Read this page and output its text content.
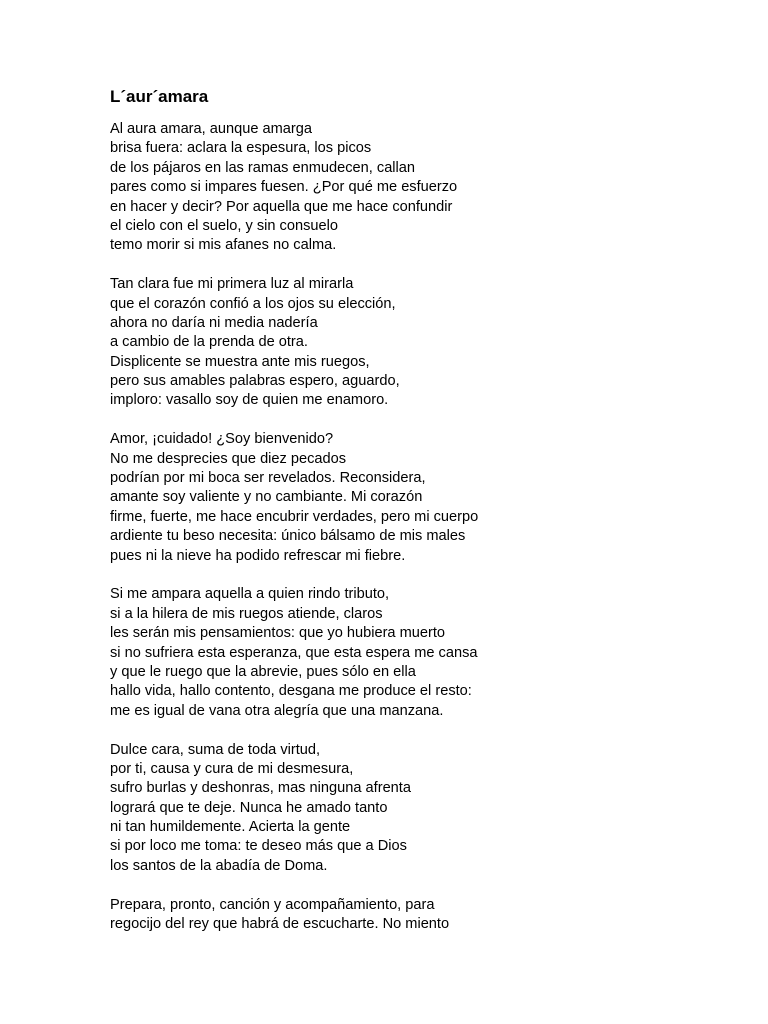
L´aur´amara
Al aura amara, aunque amarga
brisa fuera: aclara la espesura, los picos
de los pájaros en las ramas enmudecen, callan
pares como si impares fuesen. ¿Por qué me esfuerzo
en hacer y decir? Por aquella que me hace confundir
el cielo con el suelo, y sin consuelo
temo morir si mis afanes no calma.
Tan clara fue mi primera luz al mirarla
que el corazón confió a los ojos su elección,
ahora no daría ni media nadería
a cambio de la prenda de otra.
Displicente se muestra ante mis ruegos,
pero sus amables palabras espero, aguardo,
imploro: vasallo soy de quien me enamoro.
Amor, ¡cuidado! ¿Soy bienvenido?
No me desprecies que diez pecados
podrían por mi boca ser revelados. Reconsidera,
amante soy valiente y no cambiante. Mi corazón
firme, fuerte, me hace encubrir verdades, pero mi cuerpo
ardiente tu beso necesita: único bálsamo de mis males
pues ni la nieve ha podido refrescar mi fiebre.
Si me ampara aquella a quien rindo tributo,
si a la hilera de mis ruegos atiende, claros
les serán mis pensamientos: que yo hubiera muerto
si no sufriera esta esperanza, que esta espera me cansa
y que le ruego que la abrevie, pues sólo en ella
hallo vida, hallo contento, desgana me produce el resto:
me es igual de vana otra alegría que una manzana.
Dulce cara, suma de toda virtud,
por ti, causa y cura de mi desmesura,
sufro burlas y deshonras, mas ninguna afrenta
logrará que te deje. Nunca he amado tanto
ni tan humildemente. Acierta la gente
si por loco me toma: te deseo más que a Dios
los santos de la abadía de Doma.
Prepara, pronto, canción y acompañamiento, para
regocijo del rey que habrá de escucharte. No miento
